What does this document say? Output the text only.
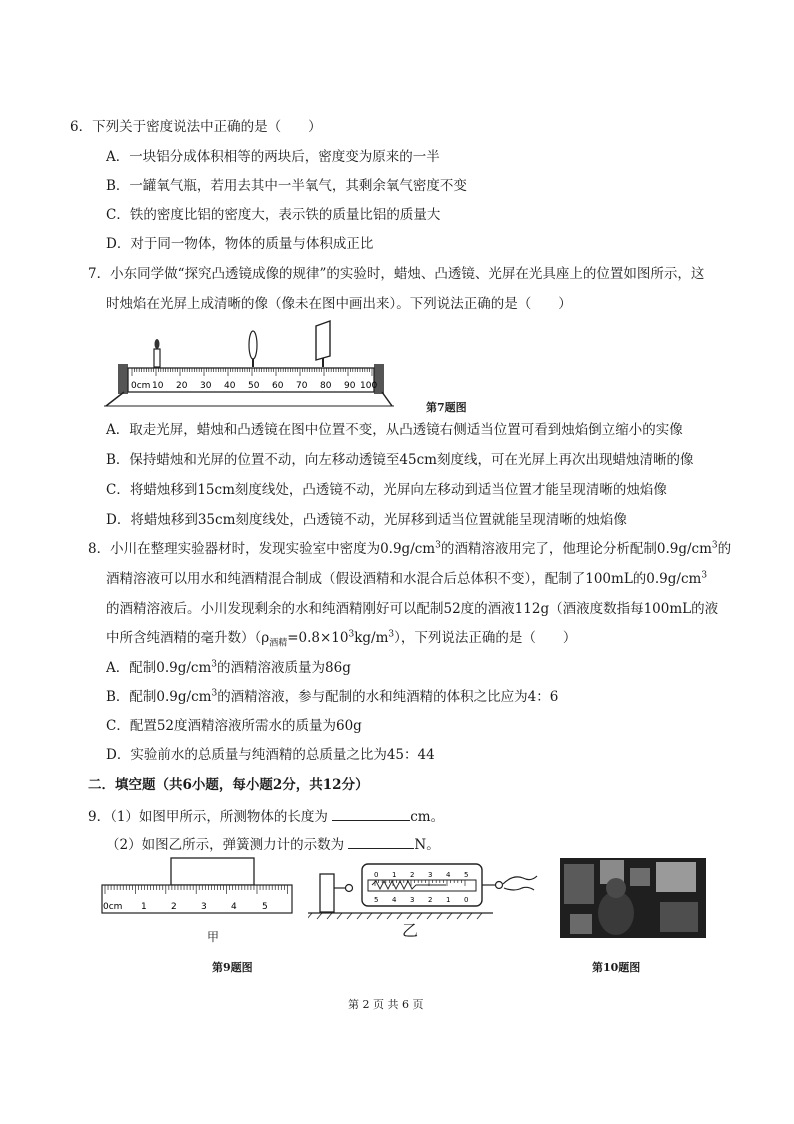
6．下列关于密度说法中正确的是（　　）
A．一块铝分成体积相等的两块后，密度变为原来的一半
B．一罐氧气瓶，若用去其中一半氧气，其剩余氧气密度不变
C．铁的密度比铝的密度大，表示铁的质量比铝的质量大
D．对于同一物体，物体的质量与体积成正比
7．小东同学做“探究凸透镜成像的规律”的实验时，蜡烛、凸透镜、光屏在光具座上的位置如图所示，这
时烛焰在光屏上成清晰的像（像未在图中画出来）。下列说法正确的是（　　）
0cm 10 20 30 40 50 60 70 80 90 100
第7题图
A．取走光屏，蜡烛和凸透镜在图中位置不变，从凸透镜右侧适当位置可看到烛焰倒立缩小的实像
B．保持蜡烛和光屏的位置不动，向左移动透镜至45cm刻度线，可在光屏上再次出现蜡烛清晰的像
C．将蜡烛移到15cm刻度线处，凸透镜不动，光屏向左移动到适当位置才能呈现清晰的烛焰像
D．将蜡烛移到35cm刻度线处，凸透镜不动，光屏移到适当位置就能呈现清晰的烛焰像
8．小川在整理实验器材时，发现实验室中密度为$0.9g/cm^3$的酒精溶液用完了，他理论分析配制$0.9g/cm^3$的
酒精溶液可以用水和纯酒精混合制成（假设酒精和水混合后总体积不变），配制了100mL的$0.9g/cm^3$
的酒精溶液后。小川发现剩余的水和纯酒精刚好可以配制52度的酒液112g（酒液度数指每100mL的液
中所含纯酒精的毫升数）$(\rho_{酒精}=0.8\times 10^3kg/m^3)$，下列说法正确的是（　　）
A．配制$0.9g/cm^3$的酒精溶液质量为86g
B．配制$0.9g/cm^3$的酒精溶液，参与配制的水和纯酒精的体积之比应为4：6
C．配置52度酒精溶液所需水的质量为60g
D．实验前水的总质量与纯酒精的总质量之比为45：44
二．填空题（共6小题，每小题2分，共12分）
9．（1）如图甲所示，所测物体的长度为	cm。
（2）如图乙所示，弹簧测力计的示数为	N。
0cm 1	2	3	4	5
甲
0 1 2 3 4 5
5 4 3 2 1 0
乙
第9题图	第10题图
第 2 页 共 6 页
